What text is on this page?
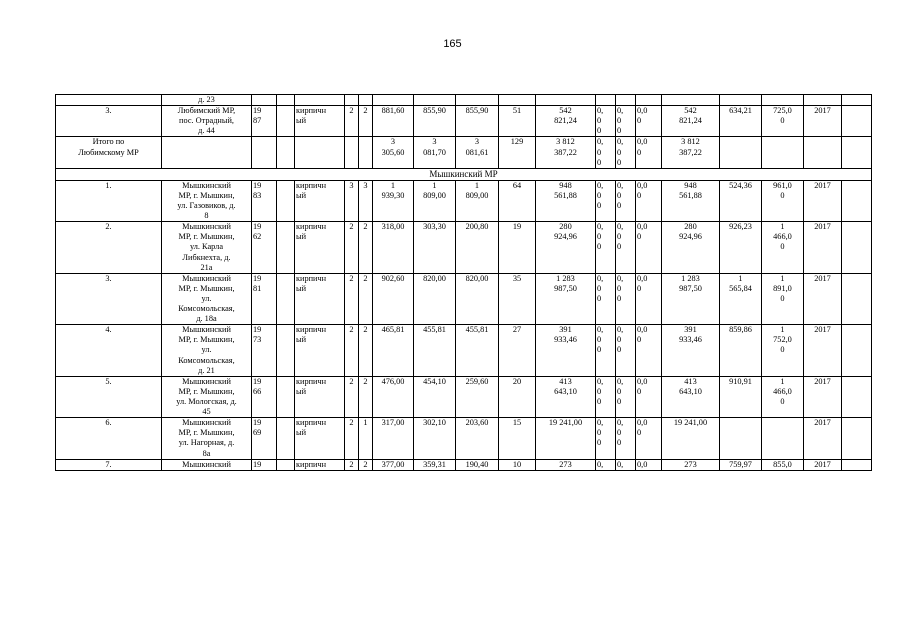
165
	д. 23																		
3.	Любимский МР,
пос. Отрадный,
д. 44	19
87		кирпичн
ый	2	2	881,60	855,90	855,90	51	542
821,24	0,
0
0	0,
0
0	0,0
0	542
821,24	634,21	725,0
0	2017	
Итого по
Любимскому МР							3
305,60	3
081,70	3
081,61	129	3 812
387,22	0,
0
0	0,
0
0	0,0
0	3 812
387,22				
Мышкинский МР																			
1.	Мышкинский
МР, г. Мышкин,
ул. Газовиков, д.
8	19
83		кирпичн
ый	3	3	1
939,30	1
809,00	1
809,00	64	948
561,88	0,
0
0	0,
0
0	0,0
0	948
561,88	524,36	961,0
0	2017	
2.	Мышкинский
МР, г. Мышкин,
ул. Карла
Либкнехта, д.
21а	19
62		кирпичн
ый	2	2	318,00	303,30	200,80	19	280
924,96	0,
0
0	0,
0
0	0,0
0	280
924,96	926,23	1
466,0
0	2017	
3.	Мышкинский
МР, г. Мышкин,
ул.
Комсомольская,
д. 18а	19
81		кирпичн
ый	2	2	902,60	820,00	820,00	35	1 283
987,50	0,
0
0	0,
0
0	0,0
0	1 283
987,50	1
565,84	1
891,0
0	2017	
4.	Мышкинский
МР, г. Мышкин,
ул.
Комсомольская,
д. 21	19
73		кирпичн
ый	2	2	465,81	455,81	455,81	27	391
933,46	0,
0
0	0,
0
0	0,0
0	391
933,46	859,86	1
752,0
0	2017	
5.	Мышкинский
МР, г. Мышкин,
ул. Мологская, д.
45	19
66		кирпичн
ый	2	2	476,00	454,10	259,60	20	413
643,10	0,
0
0	0,
0
0	0,0
0	413
643,10	910,91	1
466,0
0	2017	
6.	Мышкинский
МР, г. Мышкин,
ул. Нагорная, д.
8а	19
69		кирпичн
ый	2	1	317,00	302,10	203,60	15	19 241,00	0,
0
0	0,
0
0	0,0
0	19 241,00			2017	
7.	Мышкинский	19		кирпичн	2	2	377,00	359,31	190,40	10	273	0,	0,	0,0	273	759,97	855,0	2017	
